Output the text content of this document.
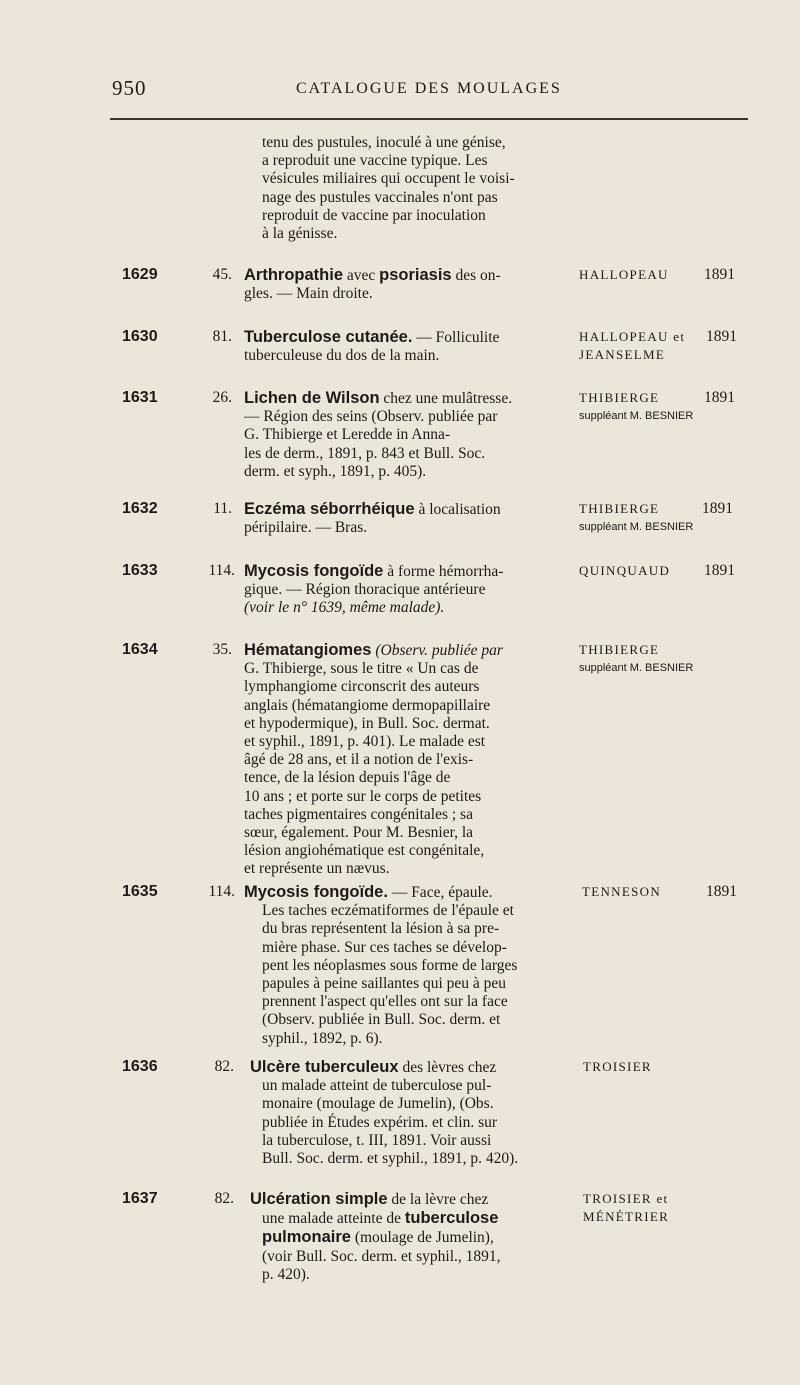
950	CATALOGUE DES MOULAGES
tenu des pustules, inoculé à une génise,
a reproduit une vaccine typique. Les
vésicules miliaires qui occupent le voisi-
nage des pustules vaccinales n'ont pas
reproduit de vaccine par inoculation
à la génisse.
1629	45. Arthropathie avec psoriasis des on-
gles. — Main droite.
HALLOPEAU	1891
1630	81. Tuberculose cutanée. — Folliculite
tuberculeuse du dos de la main.
HALLOPEAU et
JEANSELME
1891
1631	26. Lichen de Wilson chez une mulâtresse.
— Région des seins (Observ. publiée par
G. Thibierge et Leredde in Anna-
les de derm., 1891, p. 843 et Bull. Soc.
derm. et syph., 1891, p. 405).
THIBIERGE
suppléant M. BESNIER
1891
1632	11. Eczéma séborrhéique à localisation
péripilaire. — Bras.
THIBIERGE
suppléant M. BESNIER
1891
1633	114. Mycosis fongoïde à forme hémorrha-
gique. — Région thoracique antérieure
(voir le n° 1639, même malade).
QUINQUAUD	1891
1634	35. Hématangiomes (Observ. publiée par
G. Thibierge, sous le titre « Un cas de
lymphangiome circonscrit des auteurs
anglais (hématangiome dermopapillaire
et hypodermique), in Bull. Soc. dermat.
et syphil., 1891, p. 401). Le malade est
âgé de 28 ans, et il a notion de l'exis-
tence, de la lésion depuis l'âge de
10 ans ; et porte sur le corps de petites
taches pigmentaires congénitales ; sa
sœur, également. Pour M. Besnier, la
lésion angiohématique est congénitale,
et représente un nævus.
THIBIERGE
suppléant M. BESNIER
1635	114. Mycosis fongoïde. — Face, épaule.
Les taches eczématiformes de l'épaule et
du bras représentent la lésion à sa pre-
mière phase. Sur ces taches se dévelop-
pent les néoplasmes sous forme de larges
papules à peine saillantes qui peu à peu
prennent l'aspect qu'elles ont sur la face
(Observ. publiée in Bull. Soc. derm. et
syphil., 1892, p. 6).
TENNESON	1891
1636	82. Ulcère tuberculeux des lèvres chez
un malade atteint de tuberculose pul-
monaire (moulage de Jumelin), (Obs.
publiée in Études expérim. et clin. sur
la tuberculose, t. III, 1891. Voir aussi
Bull. Soc. derm. et syphil., 1891, p. 420).
TROISIER
1637	82. Ulcération simple de la lèvre chez
une malade atteinte de tuberculose
pulmonaire (moulage de Jumelin),
(voir Bull. Soc. derm. et syphil., 1891,
p. 420).
TROISIER et
MÉNÉTRIER
